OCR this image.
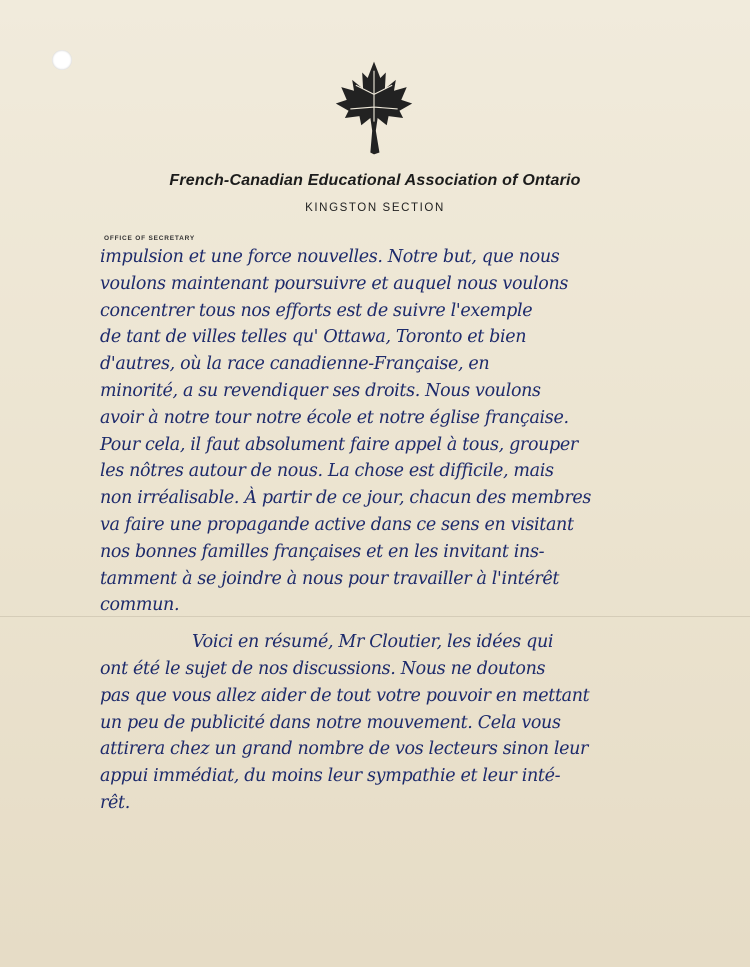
French-Canadian Educational Association of Ontario
KINGSTON SECTION
OFFICE OF SECRETARY
impulsion et une force nouvelles. Notre but, que nous
voulons maintenant poursuivre et auquel nous voulons
concentrer tous nos efforts est de suivre l'exemple
de tant de villes telles qu' Ottawa, Toronto et bien
d'autres, où la race canadienne-Française, en
minorité, a su revendiquer ses droits. Nous voulons
avoir à notre tour notre école et notre église française.
Pour cela, il faut absolument faire appel à tous, grouper
les nôtres autour de nous. La chose est difficile, mais
non irréalisable. À partir de ce jour, chacun des membres
va faire une propagande active dans ce sens en visitant
nos bonnes familles françaises et en les invitant ins-
tamment à se joindre à nous pour travailler à l'intérêt
commun.
Voici en résumé, Mr Cloutier, les idées qui
ont été le sujet de nos discussions. Nous ne doutons
pas que vous allez aider de tout votre pouvoir en mettant
un peu de publicité dans notre mouvement. Cela vous
attirera chez un grand nombre de vos lecteurs sinon leur
appui immédiat, du moins leur sympathie et leur inté-
rêt.
